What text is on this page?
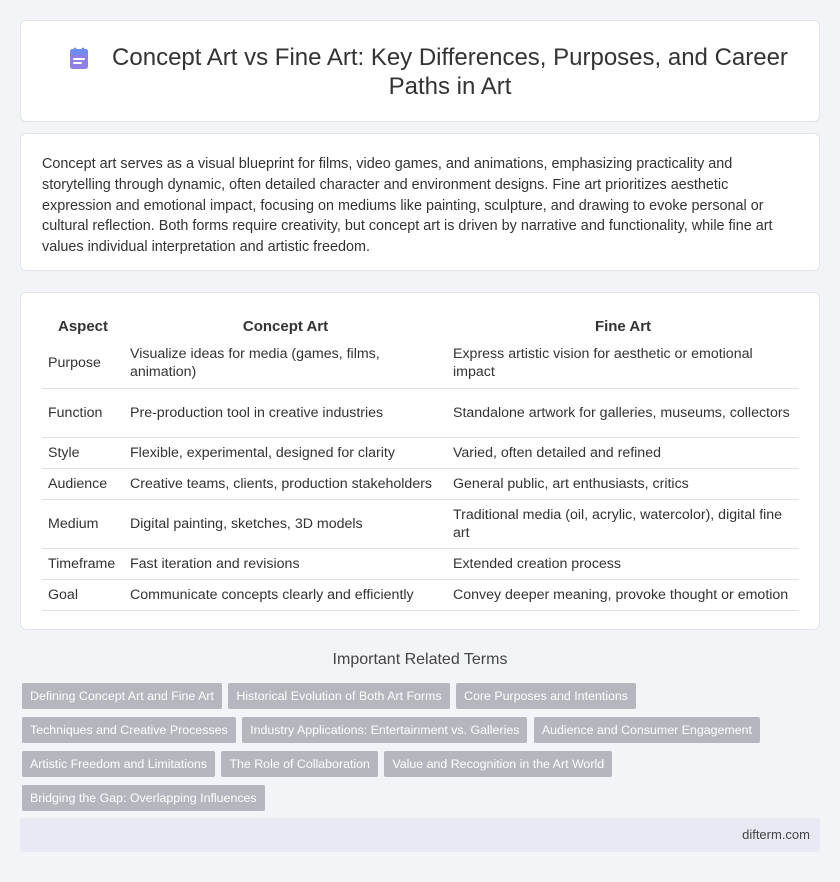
Concept Art vs Fine Art: Key Differences, Purposes, and Career Paths in Art

Concept art serves as a visual blueprint for films, video games, and animations, emphasizing practicality and storytelling through dynamic, often detailed character and environment designs. Fine art prioritizes aesthetic expression and emotional impact, focusing on mediums like painting, sculpture, and drawing to evoke personal or cultural reflection. Both forms require creativity, but concept art is driven by narrative and functionality, while fine art values individual interpretation and artistic freedom.

Aspect	Concept Art	Fine Art
Purpose	Visualize ideas for media (games, films, animation)	Express artistic vision for aesthetic or emotional impact
Function	Pre-production tool in creative industries	Standalone artwork for galleries, museums, collectors
Style	Flexible, experimental, designed for clarity	Varied, often detailed and refined
Audience	Creative teams, clients, production stakeholders	General public, art enthusiasts, critics
Medium	Digital painting, sketches, 3D models	Traditional media (oil, acrylic, watercolor), digital fine art
Timeframe	Fast iteration and revisions	Extended creation process
Goal	Communicate concepts clearly and efficiently	Convey deeper meaning, provoke thought or emotion
Important Related Terms
Defining Concept Art and Fine Art Historical Evolution of Both Art Forms Core Purposes and Intentions Techniques and Creative Processes Industry Applications: Entertainment vs. Galleries Audience and Consumer Engagement Artistic Freedom and Limitations The Role of Collaboration Value and Recognition in the Art World Bridging the Gap: Overlapping Influences
difterm.com
